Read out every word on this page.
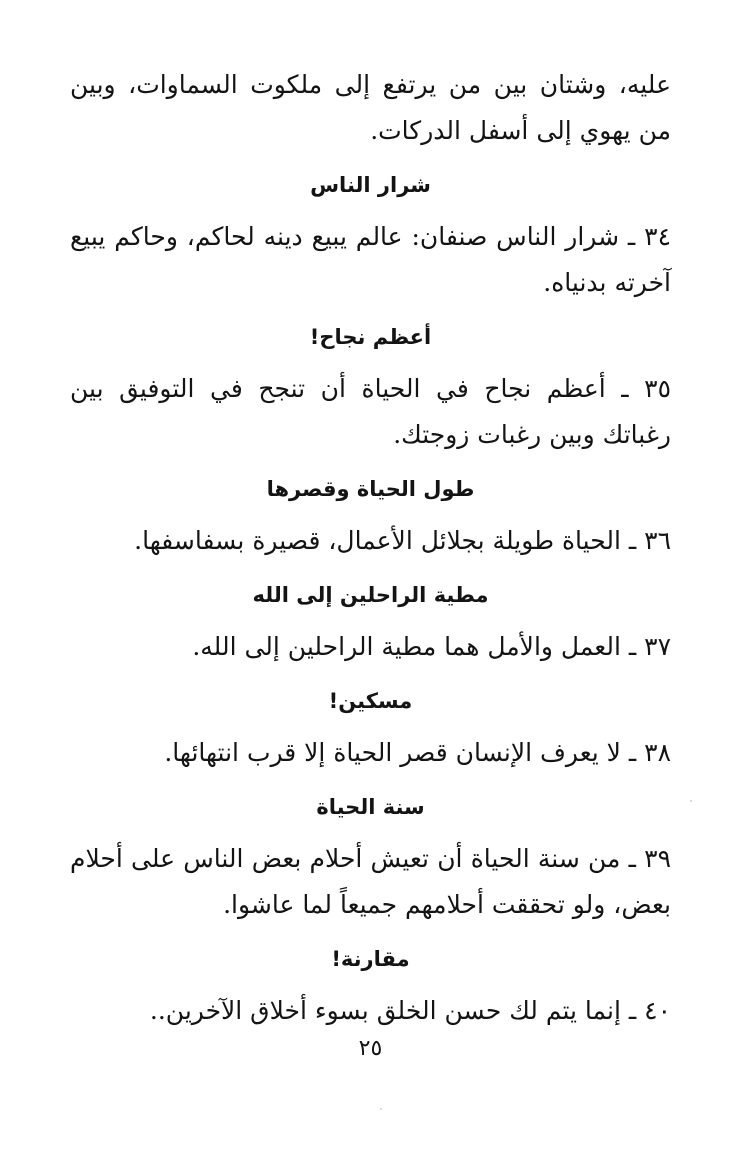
عليه، وشتان بين من يرتفع إلى ملكوت السماوات، وبين من يهوي إلى أسفل الدركات.

شرار الناس

٣٤ ـ شرار الناس صنفان: عالم يبيع دينه لحاكم، وحاكم يبيع آخرته بدنياه.

أعظم نجاح!

٣٥ ـ أعظم نجاح في الحياة أن تنجح في التوفيق بين رغباتك وبين رغبات زوجتك.

طول الحياة وقصرها

٣٦ ـ الحياة طويلة بجلائل الأعمال، قصيرة بسفاسفها.

مطية الراحلين إلى الله

٣٧ ـ العمل والأمل هما مطية الراحلين إلى الله.

مسكين!

٣٨ ـ لا يعرف الإنسان قصر الحياة إلا قرب انتهائها.

سنة الحياة

٣٩ ـ من سنة الحياة أن تعيش أحلام بعض الناس على أحلام بعض، ولو تحققت أحلامهم جميعاً لما عاشوا.

مقارنة!

٤٠ ـ إنما يتم لك حسن الخلق بسوء أخلاق الآخرين..

٢٥
